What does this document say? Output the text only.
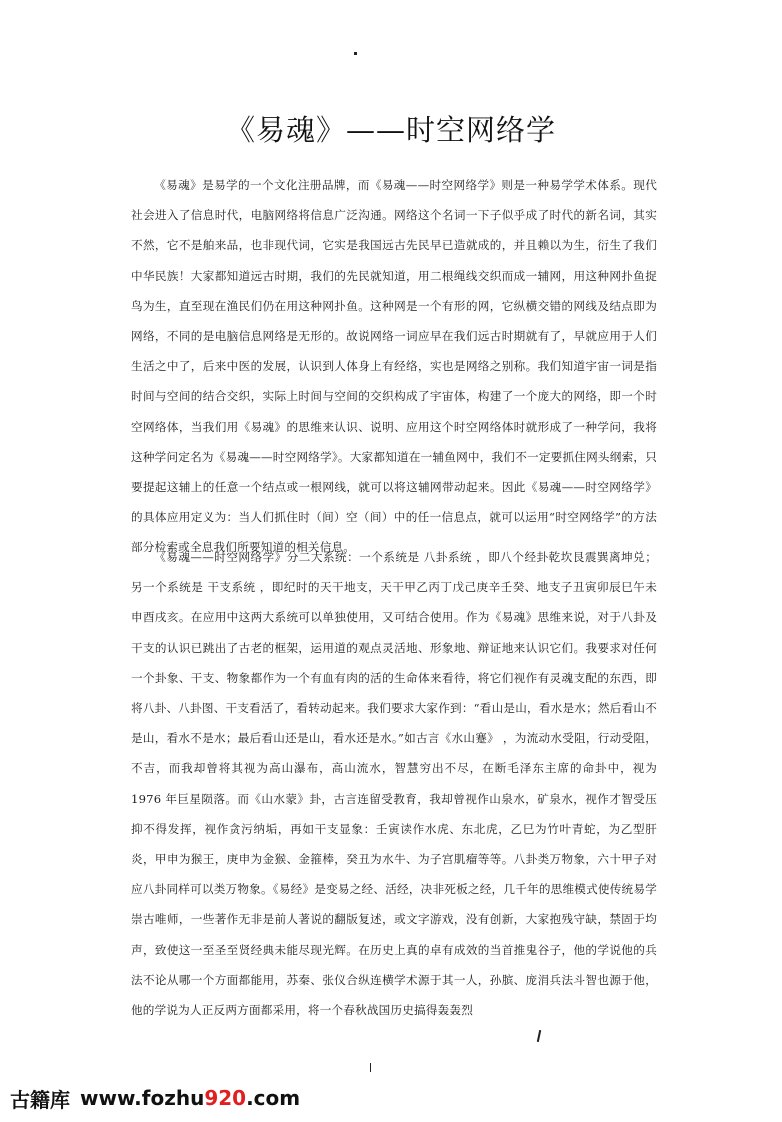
《易魂》——时空网络学
《易魂》是易学的一个文化注册品牌，而《易魂——时空网络学》则是一种易学学术体系。现代社会进入了信息时代，电脑网络将信息广泛沟通。网络这个名词一下子似乎成了时代的新名词，其实不然，它不是舶来品，也非现代词，它实是我国远古先民早已造就成的，并且赖以为生，衍生了我们中华民族！大家都知道远古时期，我们的先民就知道，用二根绳线交织而成一辅网，用这种网扑鱼捉鸟为生，直至现在渔民们仍在用这种网扑鱼。这种网是一个有形的网，它纵横交错的网线及结点即为网络，不同的是电脑信息网络是无形的。故说网络一词应早在我们远古时期就有了，早就应用于人们生活之中了，后来中医的发展，认识到人体身上有经络，实也是网络之别称。我们知道宇宙一词是指时间与空间的结合交织，实际上时间与空间的交织构成了宇宙体，构建了一个庞大的网络，即一个时空网络体，当我们用《易魂》的思维来认识、说明、应用这个时空网络体时就形成了一种学问，我将这种学问定名为《易魂——时空网络学》。大家都知道在一辅鱼网中，我们不一定要抓住网头纲索，只要提起这辅上的任意一个结点或一根网线，就可以将这辅网带动起来。因此《易魂——时空网络学》的具体应用定义为：当人们抓住时（间）空（间）中的任一信息点，就可以运用“时空网络学”的方法部分检索或全息我们所要知道的相关信息。
《易魂——时空网络学》分二大系统：一个系统是 八卦系统 ，即八个经卦乾坎艮震巽离坤兑；另一个系统是 干支系统 ，即纪时的天干地支，天干甲乙丙丁戊己庚辛壬癸、地支子丑寅卯辰巳午未申酉戌亥。在应用中这两大系统可以单独使用，又可结合使用。作为《易魂》思维来说，对于八卦及干支的认识已跳出了古老的框架，运用道的观点灵活地、形象地、辩证地来认识它们。我要求对任何一个卦象、干支、物象都作为一个有血有肉的活的生命体来看待，将它们视作有灵魂支配的东西，即将八卦、八卦图、干支看活了，看转动起来。我们要求大家作到：“看山是山，看水是水；然后看山不是山，看水不是水；最后看山还是山，看水还是水。”如古言《水山蹇》 ，为流动水受阻，行动受阻，不吉，而我却曾将其视为高山瀑布，高山流水，智慧穷出不尽，在断毛泽东主席的命卦中，视为 1976 年巨星陨落。而《山水蒙》卦，古言连留受教育，我却曾视作山泉水，矿泉水，视作才智受压抑不得发挥，视作贪污纳垢，再如干支显象：壬寅读作水虎、东北虎，乙巳为竹叶青蛇，为乙型肝炎，甲申为猴王，庚申为金猴、金箍棒，癸丑为水牛、为子宫肌瘤等等。八卦类万物象，六十甲子对应八卦同样可以类万物象。《易经》是变易之经、活经，决非死板之经，几千年的思维模式使传统易学崇古唯师，一些著作无非是前人著说的翻版复述，或文字游戏，没有创新，大家抱残守缺，禁固于均声，致使这一至圣至贤经典未能尽现光辉。在历史上真的卓有成效的当首推鬼谷子，他的学说他的兵法不论从哪一个方面都能用，苏秦、张仪合纵连横学术源于其一人，孙膑、庞涓兵法斗智也源于他，他的学说为人正反两方面都采用，将一个春秋战国历史搞得轰轰烈
古籍库 www.fozhu 920 .com
